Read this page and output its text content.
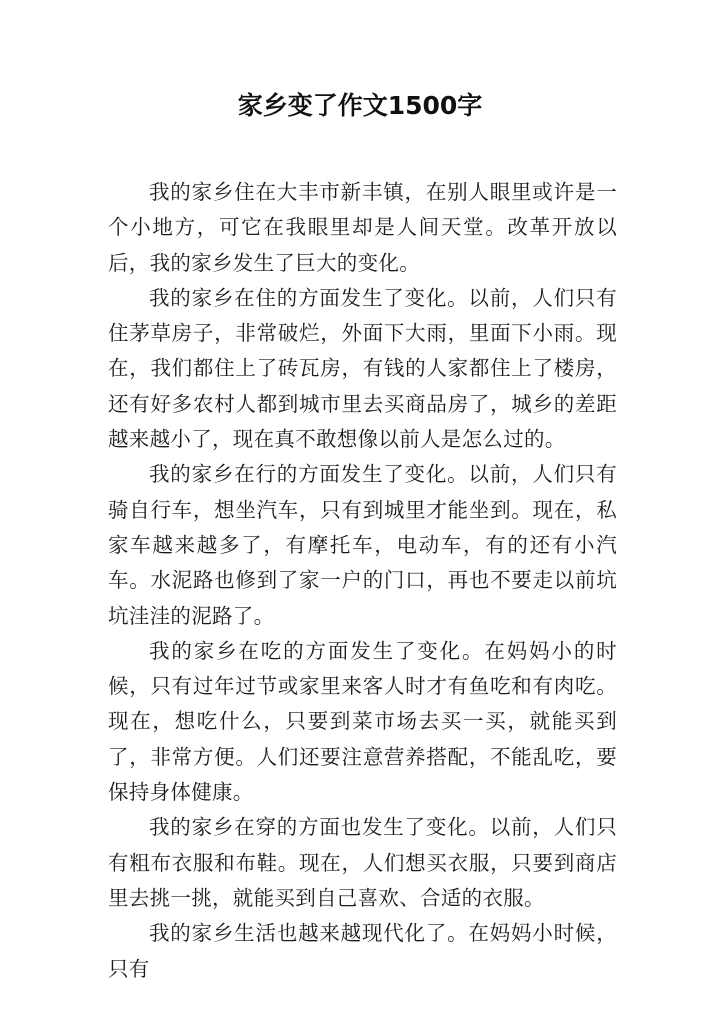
家乡变了作文1500字

我的家乡住在大丰市新丰镇，在别人眼里或许是一个小地方，可它在我眼里却是人间天堂。改革开放以后，我的家乡发生了巨大的变化。

我的家乡在住的方面发生了变化。以前，人们只有住茅草房子，非常破烂，外面下大雨，里面下小雨。现在，我们都住上了砖瓦房，有钱的人家都住上了楼房，还有好多农村人都到城市里去买商品房了，城乡的差距越来越小了，现在真不敢想像以前人是怎么过的。

我的家乡在行的方面发生了变化。以前，人们只有骑自行车，想坐汽车，只有到城里才能坐到。现在，私家车越来越多了，有摩托车，电动车，有的还有小汽车。水泥路也修到了家一户的门口，再也不要走以前坑坑洼洼的泥路了。

我的家乡在吃的方面发生了变化。在妈妈小的时候，只有过年过节或家里来客人时才有鱼吃和有肉吃。现在，想吃什么，只要到菜市场去买一买，就能买到了，非常方便。人们还要注意营养搭配，不能乱吃，要保持身体健康。

我的家乡在穿的方面也发生了变化。以前，人们只有粗布衣服和布鞋。现在，人们想买衣服，只要到商店里去挑一挑，就能买到自己喜欢、合适的衣服。

我的家乡生活也越来越现代化了。在妈妈小时候，只有
